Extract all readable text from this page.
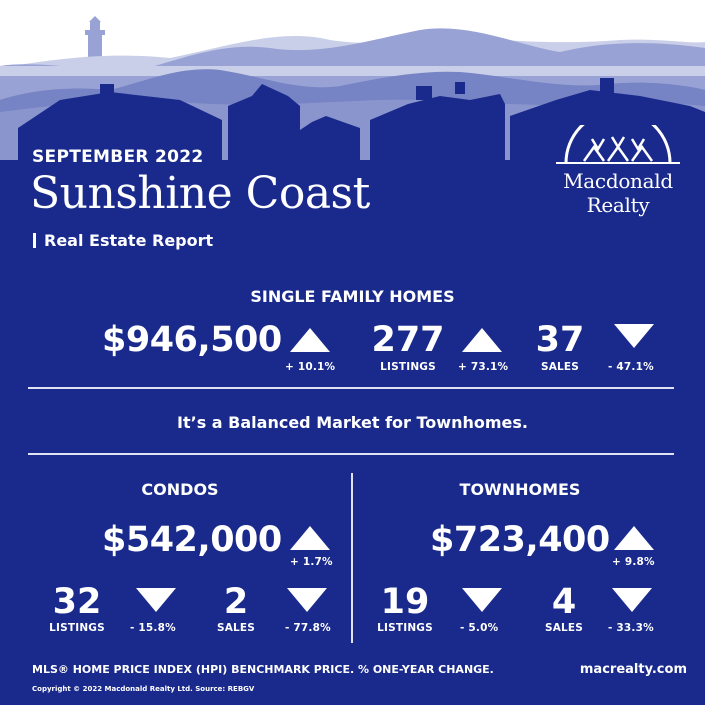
SEPTEMBER 2022
Sunshine Coast
Real Estate Report
Macdonald
Realty
SINGLE FAMILY HOMES
$946,500
+ 10.1%
277
LISTINGS	+ 73.1%
37
SALES	- 47.1%
It’s a Balanced Market for Townhomes.
CONDOS
$542,000
+ 1.7%
32
LISTINGS	- 15.8%
2
SALES	- 77.8%
TOWNHOMES
$723,400
+ 9.8%
19
LISTINGS	- 5.0%
4
SALES	- 33.3%
MLS® HOME PRICE INDEX (HPI) BENCHMARK PRICE. % ONE-YEAR CHANGE.
Copyright © 2022 Macdonald Realty Ltd. Source: REBGV
macrealty.com
